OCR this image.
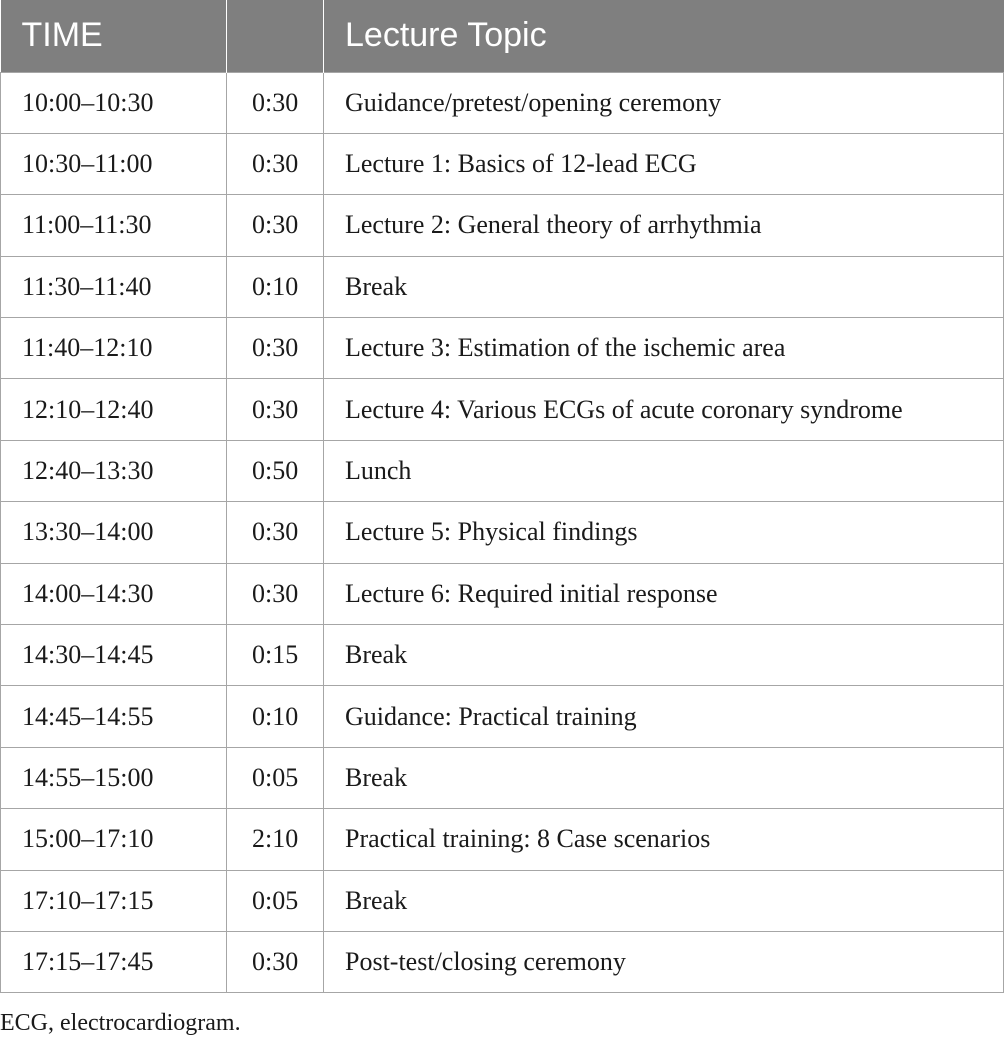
TIME		Lecture Topic
10:00–10:30	0:30	Guidance/pretest/opening ceremony
10:30–11:00	0:30	Lecture 1: Basics of 12-lead ECG
11:00–11:30	0:30	Lecture 2: General theory of arrhythmia
11:30–11:40	0:10	Break
11:40–12:10	0:30	Lecture 3: Estimation of the ischemic area
12:10–12:40	0:30	Lecture 4: Various ECGs of acute coronary syndrome
12:40–13:30	0:50	Lunch
13:30–14:00	0:30	Lecture 5: Physical findings
14:00–14:30	0:30	Lecture 6: Required initial response
14:30–14:45	0:15	Break
14:45–14:55	0:10	Guidance: Practical training
14:55–15:00	0:05	Break
15:00–17:10	2:10	Practical training: 8 Case scenarios
17:10–17:15	0:05	Break
17:15–17:45	0:30	Post-test/closing ceremony

ECG, electrocardiogram.
